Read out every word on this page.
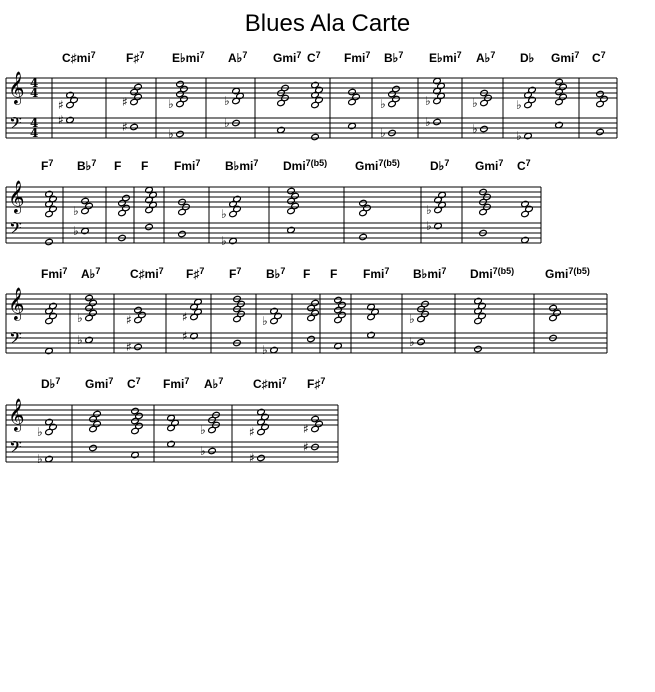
Blues Ala Carte
𝄞
𝄢
4
4
4
4
$C♯mi^7$
♯
♯
F♯$^7$
♯
♯
$E♭mi^7$
♭
♭
A♭$^7$
♭
♭
Gmi$^7$ $C^7$ Fmi$^7$ B♭$^7$
♭
♭
$E♭mi^7$
♭
♭
A♭$^7$
♭
♭
D♭
♭
♭
Gmi$^7$ $C^7$
𝄞
𝄢
$F^7$ B♭$^7$
♭
♭
F F Fmi$^7$ $B♭mi^7$
♭
♭
Dmi$^{7(b5)}$ Gmi$^{7(b5)}$	D♭$^7$
♭
♭
Gmi$^7$ $C^7$
𝄞
𝄢
Fmi$^7$ A♭$^7$
♭
♭
$C♯mi^7$
♯
♯
F♯$^7$
♯
♯
$F^7$ B♭$^7$
♭
♭
F F Fmi$^7$ $B♭mi^7$
♭
♭
Dmi$^{7(b5)}$	Gmi$^{7(b5)}$
𝄞
𝄢
D♭$^7$
♭
♭
Gmi$^7$ $C^7$ Fmi$^7$ A♭$^7$
♭
♭
$C♯mi^7$
♯
♯
F♯$^7$
♯
♯
